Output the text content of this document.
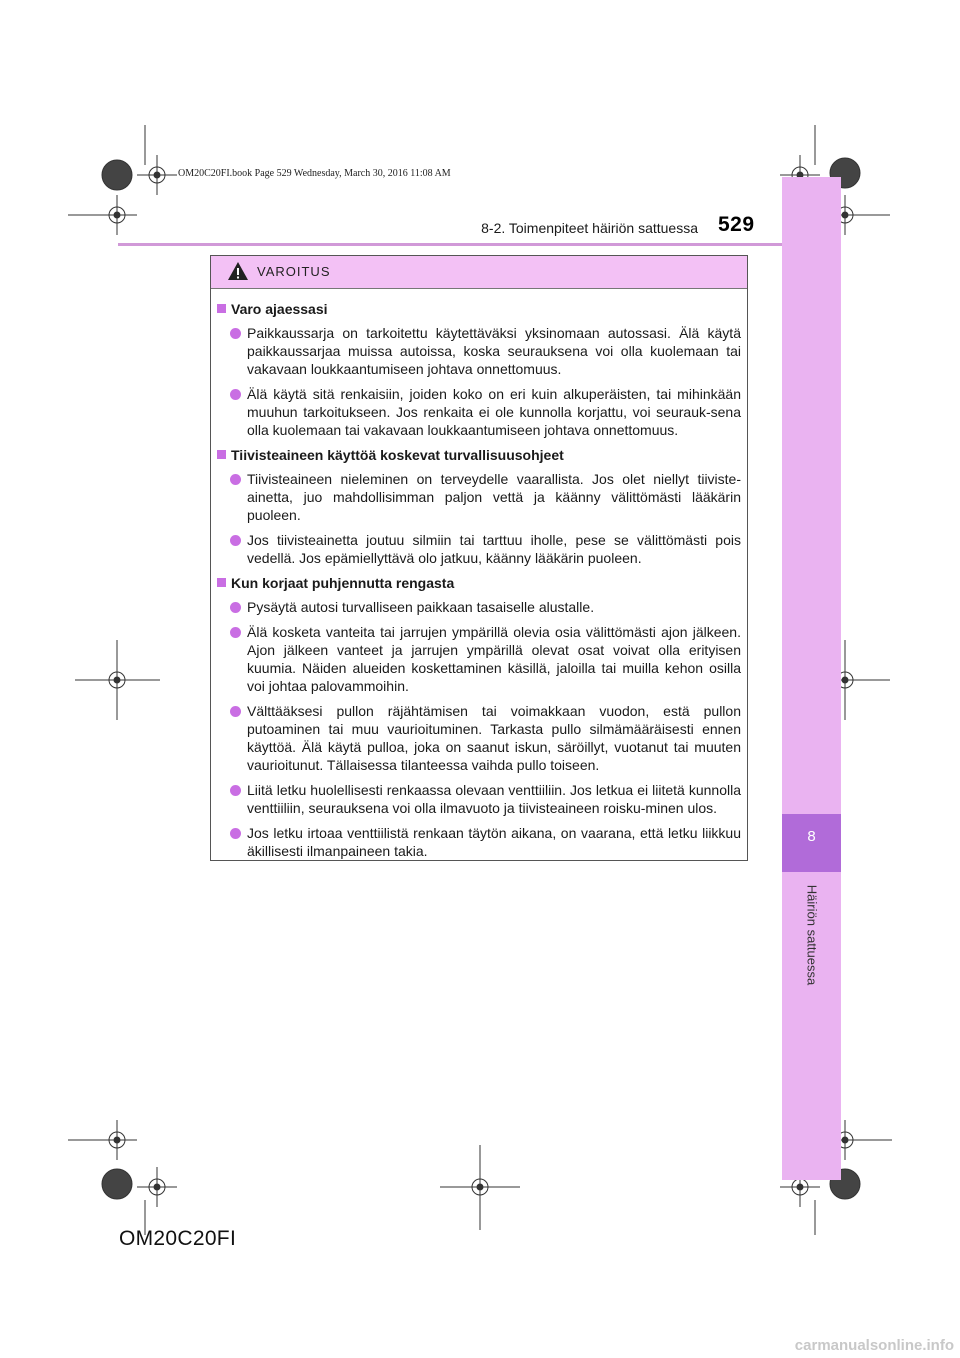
OM20C20FI.book Page 529 Wednesday, March 30, 2016 11:08 AM
8
Häiriön sattuessa
8-2. Toimenpiteet häiriön sattuessa 529
VAROITUS
Varo ajaessasi
Paikkaussarja on tarkoitettu käytettäväksi yksinomaan autossasi. Älä käytä paikkaussarjaa muissa autoissa, koska seurauksena voi olla kuolemaan tai vakavaan loukkaantumiseen johtava onnettomuus.
Älä käytä sitä renkaisiin, joiden koko on eri kuin alkuperäisten, tai mihinkään muuhun tarkoitukseen. Jos renkaita ei ole kunnolla korjattu, voi seurauk-sena olla kuolemaan tai vakavaan loukkaantumiseen johtava onnettomuus.
Tiivisteaineen käyttöä koskevat turvallisuusohjeet
Tiivisteaineen nieleminen on terveydelle vaarallista. Jos olet niellyt tiiviste-ainetta, juo mahdollisimman paljon vettä ja käänny välittömästi lääkärin puoleen.
Jos tiivisteainetta joutuu silmiin tai tarttuu iholle, pese se välittömästi pois vedellä. Jos epämiellyttävä olo jatkuu, käänny lääkärin puoleen.
Kun korjaat puhjennutta rengasta
Pysäytä autosi turvalliseen paikkaan tasaiselle alustalle.
Älä kosketa vanteita tai jarrujen ympärillä olevia osia välittömästi ajon jälkeen. Ajon jälkeen vanteet ja jarrujen ympärillä olevat osat voivat olla erityisen kuumia. Näiden alueiden koskettaminen käsillä, jaloilla tai muilla kehon osilla voi johtaa palovammoihin.
Välttääksesi pullon räjähtämisen tai voimakkaan vuodon, estä pullon putoaminen tai muu vaurioituminen. Tarkasta pullo silmämääräisesti ennen käyttöä. Älä käytä pulloa, joka on saanut iskun, säröillyt, vuotanut tai muuten vaurioitunut. Tällaisessa tilanteessa vaihda pullo toiseen.
Liitä letku huolellisesti renkaassa olevaan venttiiliin. Jos letkua ei liitetä kunnolla venttiiliin, seurauksena voi olla ilmavuoto ja tiivisteaineen roisku-minen ulos.
Jos letku irtoaa venttiilistä renkaan täytön aikana, on vaarana, että letku liikkuu äkillisesti ilmanpaineen takia.
OM20C20FI
carmanualsonline.info
